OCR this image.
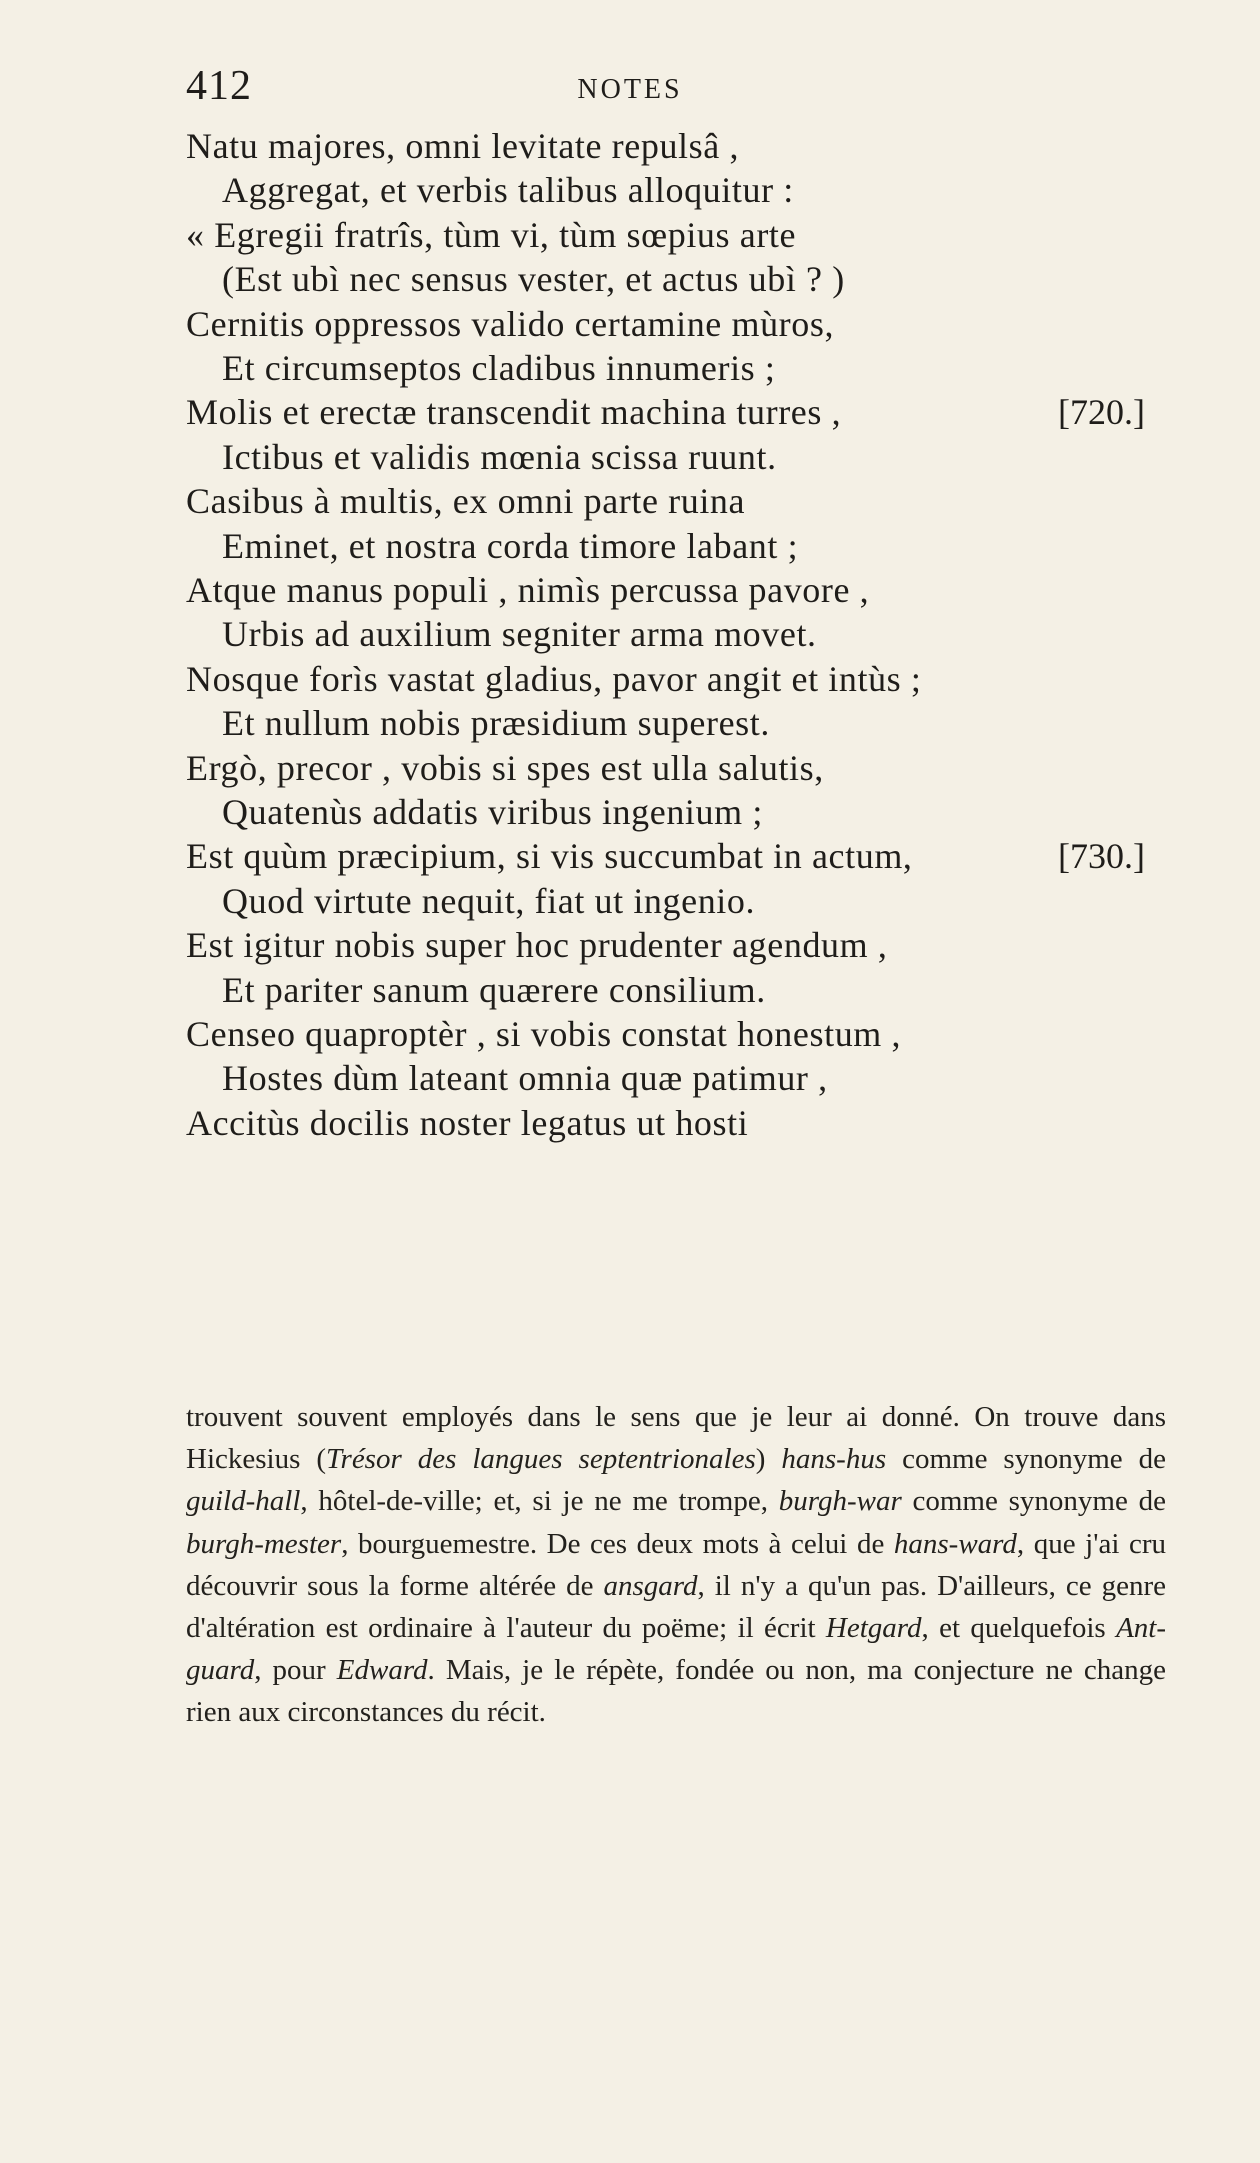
412	NOTES
Natu majores, omni levitate repulsâ ,
Aggregat, et verbis talibus alloquitur :
« Egregii fratrîs, tùm vi, tùm sœpius arte
(Est ubì nec sensus vester, et actus ubì ? )
Cernitis oppressos valido certamine mùros,
Et circumseptos cladibus innumeris ;
Molis et erectæ transcendit machina turres ,	[720.]
Ictibus et validis mœnia scissa ruunt.
Casibus à multis, ex omni parte ruina
Eminet, et nostra corda timore labant ;
Atque manus populi , nimìs percussa pavore ,
Urbis ad auxilium segniter arma movet.
Nosque forìs vastat gladius, pavor angit et intùs ;
Et nullum nobis præsidium superest.
Ergò, precor , vobis si spes est ulla salutis,
Quatenùs addatis viribus ingenium ;
Est quùm præcipium, si vis succumbat in actum,	[730.]
Quod virtute nequit, fiat ut ingenio.
Est igitur nobis super hoc prudenter agendum ,
Et pariter sanum quærere consilium.
Censeo quaproptèr , si vobis constat honestum ,
Hostes dùm lateant omnia quæ patimur ,
Accitùs docilis noster legatus ut hosti
trouvent souvent employés dans le sens que je leur ai donné. On trouve dans Hickesius (Trésor des langues septentrionales) hans-hus comme synonyme de guild-hall, hôtel-de-ville; et, si je ne me trompe, burgh-war comme synonyme de burgh-mester, bourguemestre. De ces deux mots à celui de hans-ward, que j'ai cru découvrir sous la forme altérée de ansgard, il n'y a qu'un pas. D'ailleurs, ce genre d'altération est ordinaire à l'auteur du poëme; il écrit Hetgard, et quelquefois Ant-guard, pour Edward. Mais, je le répète, fondée ou non, ma conjecture ne change rien aux circonstances du récit.
